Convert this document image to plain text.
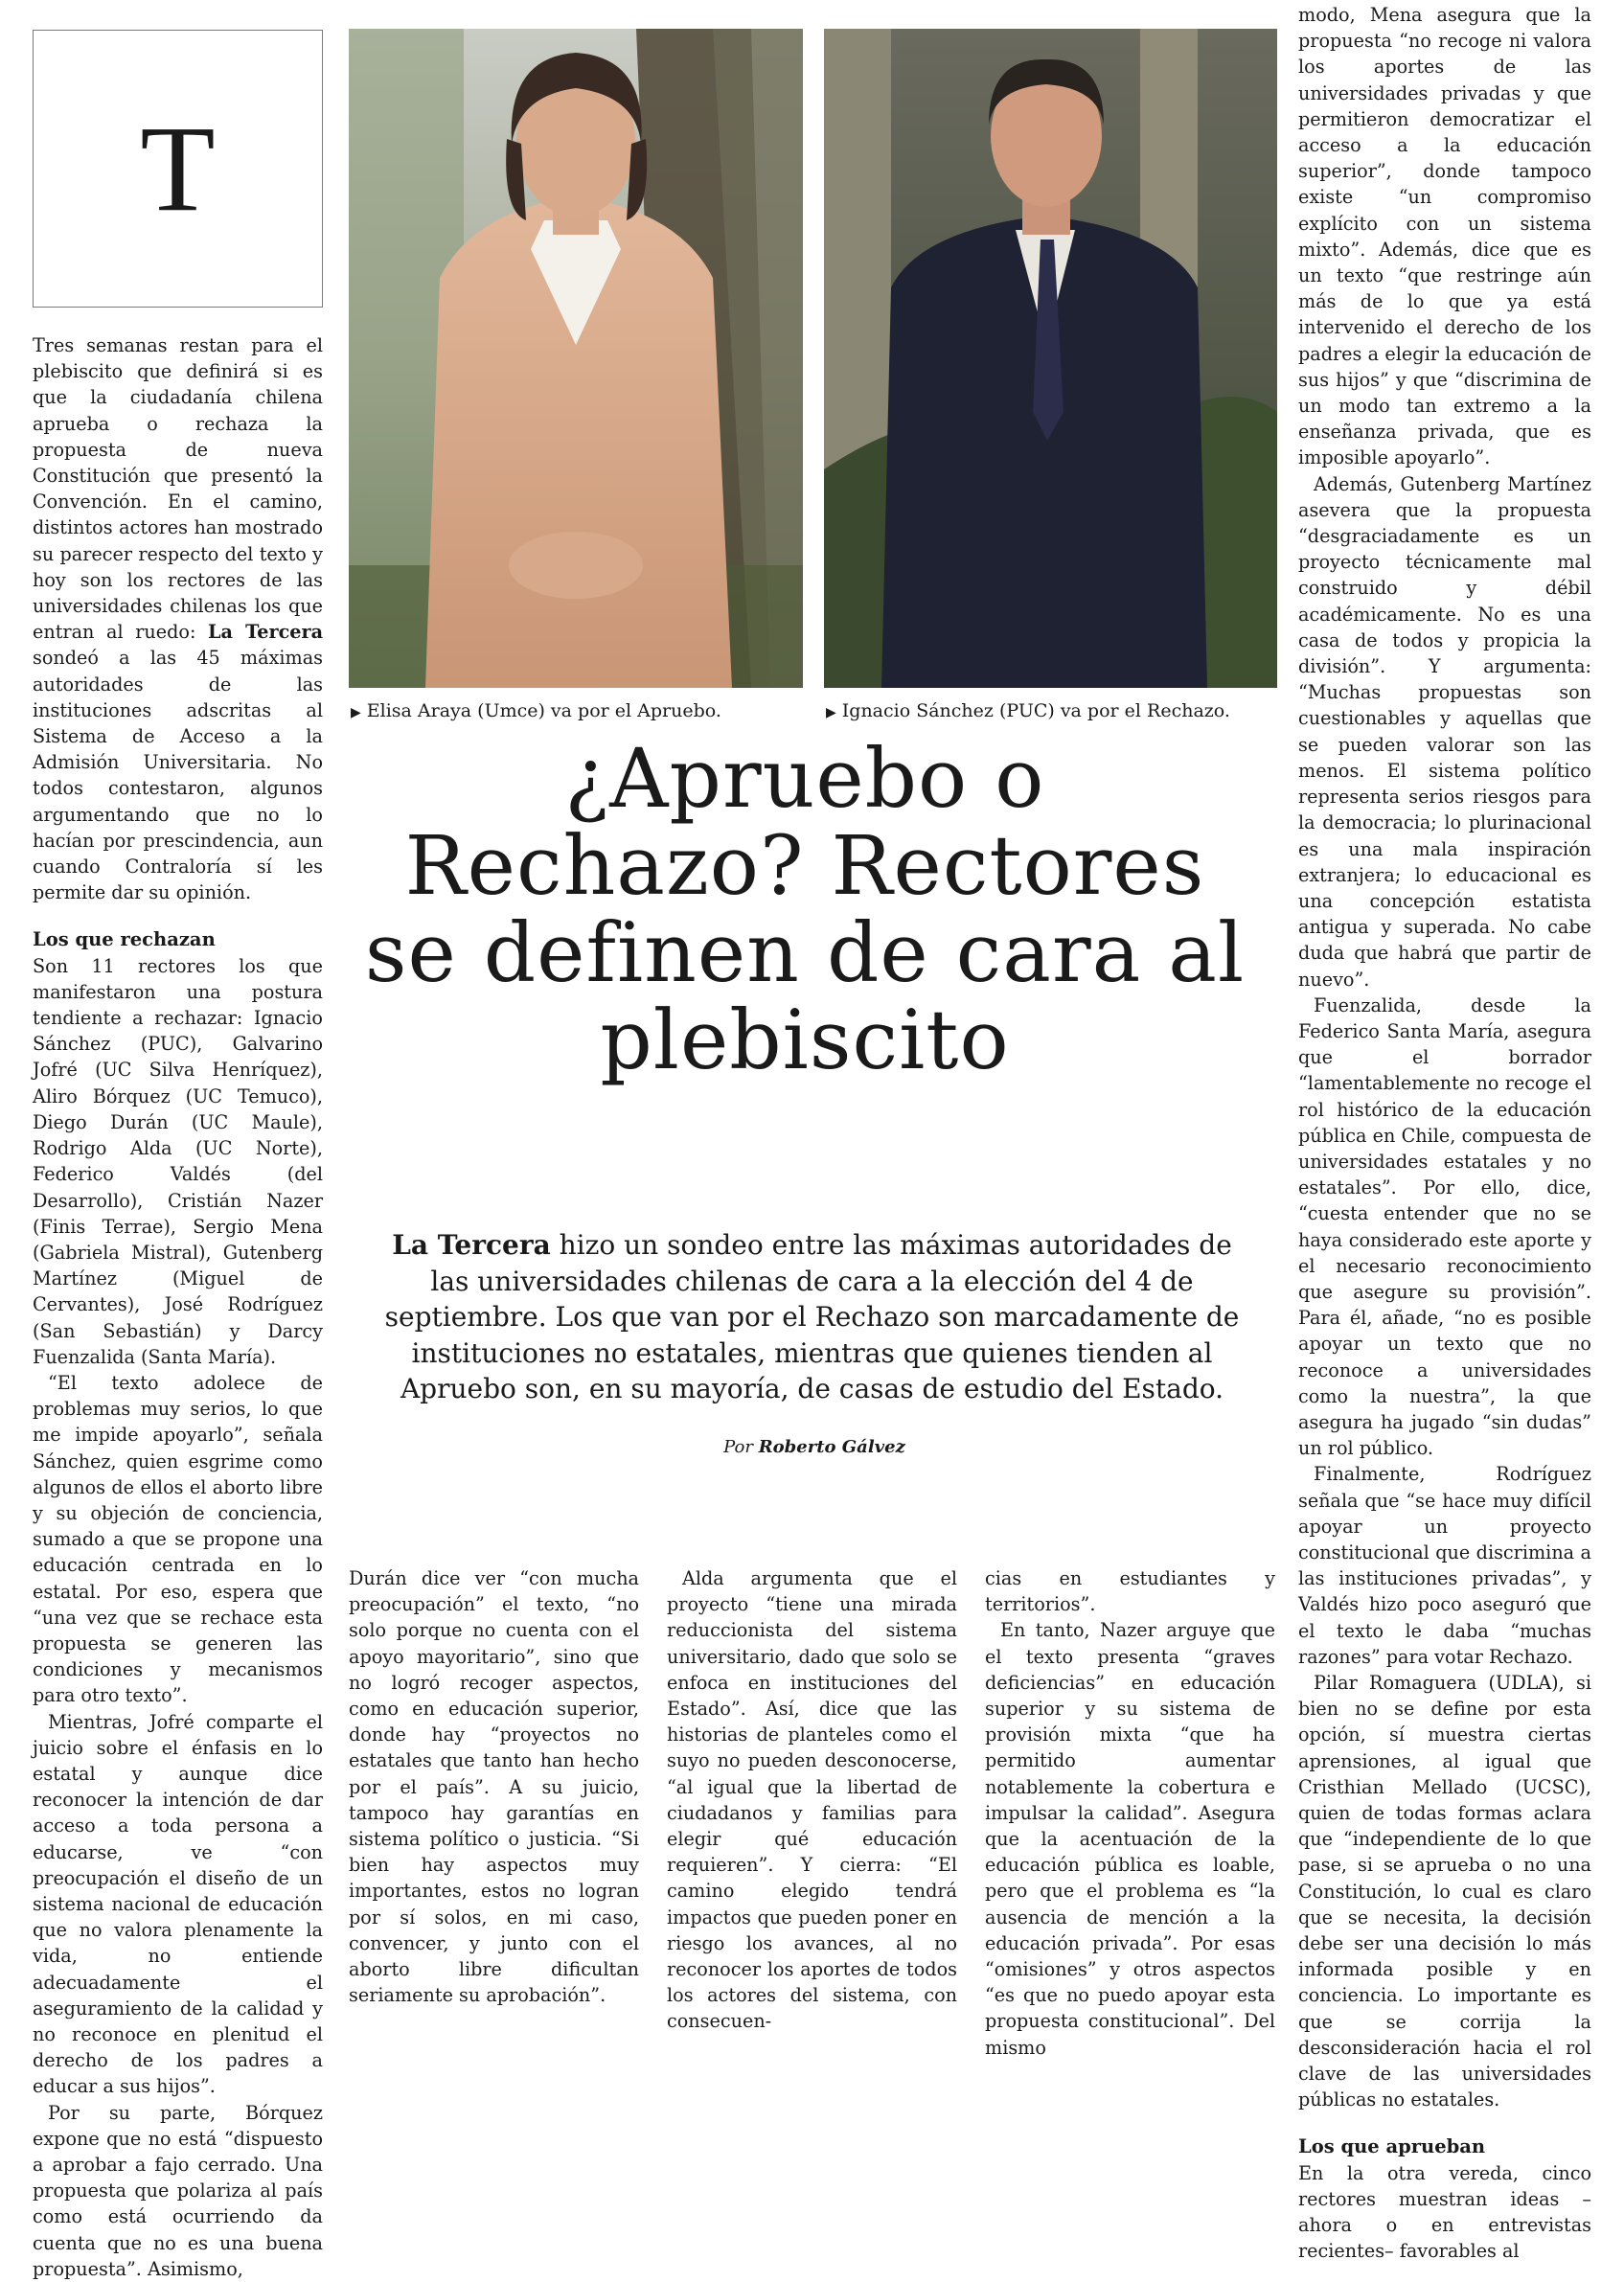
T

Tres semanas restan para el plebiscito que definirá si es que la ciudadanía chilena aprueba o rechaza la propuesta de nueva Constitución que presentó la Convención. En el camino, distintos actores han mostrado su parecer respecto del texto y hoy son los rectores de las universidades chilenas los que entran al ruedo: La Tercera sondeó a las 45 máximas autoridades de las instituciones adscritas al Sistema de Acceso a la Admisión Universitaria. No todos contestaron, algunos argumentando que no lo hacían por prescindencia, aun cuando Contraloría sí les permite dar su opinión.

Los que rechazan

Son 11 rectores los que manifestaron una postura tendiente a rechazar: Ignacio Sánchez (PUC), Galvarino Jofré (UC Silva Henríquez), Aliro Bórquez (UC Temuco), Diego Durán (UC Maule), Rodrigo Alda (UC Norte), Federico Valdés (del Desarrollo), Cristián Nazer (Finis Terrae), Sergio Mena (Gabriela Mistral), Gutenberg Martínez (Miguel de Cervantes), José Rodríguez (San Sebastián) y Darcy Fuenzalida (Santa María).

“El texto adolece de problemas muy serios, lo que me impide apoyarlo”, señala Sánchez, quien esgrime como algunos de ellos el aborto libre y su objeción de conciencia, sumado a que se propone una educación centrada en lo estatal. Por eso, espera que “una vez que se rechace esta propuesta se generen las condiciones y mecanismos para otro texto”.

Mientras, Jofré comparte el juicio sobre el énfasis en lo estatal y aunque dice reconocer la intención de dar acceso a toda persona a educarse, ve “con preocupación el diseño de un sistema nacional de educación que no valora plenamente la vida, no entiende adecuadamente el aseguramiento de la calidad y no reconoce en plenitud el derecho de los padres a educar a sus hijos”.

Por su parte, Bórquez expone que no está “dispuesto a aprobar a fajo cerrado. Una propuesta que polariza al país como está ocurriendo da cuenta que no es una buena propuesta”. Asimismo,

▶ Elisa Araya (Umce) va por el Apruebo.	▶ Ignacio Sánchez (PUC) va por el Rechazo.
¿Apruebo o Rechazo? Rectores se definen de cara al plebiscito
La Tercera hizo un sondeo entre las máximas autoridades de las universidades chilenas de cara a la elección del 4 de septiembre. Los que van por el Rechazo son marcadamente de instituciones no estatales, mientras que quienes tienden al Apruebo son, en su mayoría, de casas de estudio del Estado.
Por Roberto Gálvez

Durán dice ver “con mucha preocupación” el texto, “no solo porque no cuenta con el apoyo mayoritario”, sino que no logró recoger aspectos, como en educación superior, donde hay “proyectos no estatales que tanto han hecho por el país”. A su juicio, tampoco hay garantías en sistema político o justicia. “Si bien hay aspectos muy importantes, estos no logran por sí solos, en mi caso, convencer, y junto con el aborto libre dificultan seriamente su aprobación”.

Alda argumenta que el proyecto “tiene una mirada reduccionista del sistema universitario, dado que solo se enfoca en instituciones del Estado”. Así, dice que las historias de planteles como el suyo no pueden desconocerse, “al igual que la libertad de ciudadanos y familias para elegir qué educación requieren”. Y cierra: “El camino elegido tendrá impactos que pueden poner en riesgo los avances, al no reconocer los aportes de todos los actores del sistema, con consecuen-

cias en estudiantes y territorios”.

En tanto, Nazer arguye que el texto presenta “graves deficiencias” en educación superior y su sistema de provisión mixta “que ha permitido aumentar notablemente la cobertura e impulsar la calidad”. Asegura que la acentuación de la educación pública es loable, pero que el problema es “la ausencia de mención a la educación privada”. Por esas “omisiones” y otros aspectos “es que no puedo apoyar esta propuesta constitucional”. Del mismo

modo, Mena asegura que la propuesta “no recoge ni valora los aportes de las universidades privadas y que permitieron democratizar el acceso a la educación superior”, donde tampoco existe “un compromiso explícito con un sistema mixto”. Además, dice que es un texto “que restringe aún más de lo que ya está intervenido el derecho de los padres a elegir la educación de sus hijos” y que “discrimina de un modo tan extremo a la enseñanza privada, que es imposible apoyarlo”.

Además, Gutenberg Martínez asevera que la propuesta “desgraciadamente es un proyecto técnicamente mal construido y débil académicamente. No es una casa de todos y propicia la división”. Y argumenta: “Muchas propuestas son cuestionables y aquellas que se pueden valorar son las menos. El sistema político representa serios riesgos para la democracia; lo plurinacional es una mala inspiración extranjera; lo educacional es una concepción estatista antigua y superada. No cabe duda que habrá que partir de nuevo”.

Fuenzalida, desde la Federico Santa María, asegura que el borrador “lamentablemente no recoge el rol histórico de la educación pública en Chile, compuesta de universidades estatales y no estatales”. Por ello, dice, “cuesta entender que no se haya considerado este aporte y el necesario reconocimiento que asegure su provisión”. Para él, añade, “no es posible apoyar un texto que no reconoce a universidades como la nuestra”, la que asegura ha jugado “sin dudas” un rol público.

Finalmente, Rodríguez señala que “se hace muy difícil apoyar un proyecto constitucional que discrimina a las instituciones privadas”, y Valdés hizo poco aseguró que el texto le daba “muchas razones” para votar Rechazo.

Pilar Romaguera (UDLA), si bien no se define por esta opción, sí muestra ciertas aprensiones, al igual que Cristhian Mellado (UCSC), quien de todas formas aclara que “independiente de lo que pase, si se aprueba o no una Constitución, lo cual es claro que se necesita, la decisión debe ser una decisión lo más informada posible y en conciencia. Lo importante es que se corrija la desconsideración hacia el rol clave de las universidades públicas no estatales.

Los que aprueban

En la otra vereda, cinco rectores muestran ideas –ahora o en entrevistas recientes– favorables al
